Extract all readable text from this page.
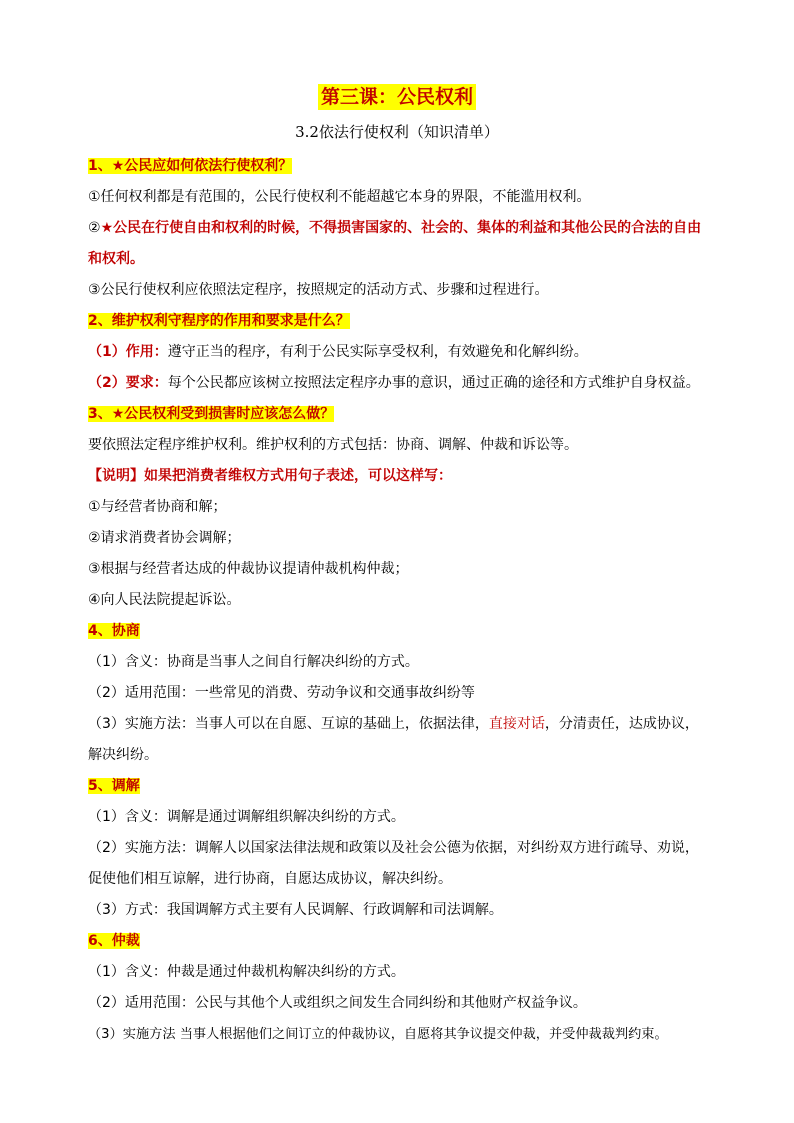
第三课：公民权利
3.2依法行使权利（知识清单）
1、★公民应如何依法行使权利？
①任何权利都是有范围的，公民行使权利不能超越它本身的界限，不能滥用权利。
②★公民在行使自由和权利的时候，不得损害国家的、社会的、集体的利益和其他公民的合法的自由和权利。
③公民行使权利应依照法定程序，按照规定的活动方式、步骤和过程进行。
2、维护权利守程序的作用和要求是什么？
（1）作用：遵守正当的程序，有利于公民实际享受权利，有效避免和化解纠纷。
（2）要求：每个公民都应该树立按照法定程序办事的意识，通过正确的途径和方式维护自身权益。
3、★公民权利受到损害时应该怎么做？
要依照法定程序维护权利。维护权利的方式包括：协商、调解、仲裁和诉讼等。
【说明】如果把消费者维权方式用句子表述，可以这样写：
①与经营者协商和解；
②请求消费者协会调解；
③根据与经营者达成的仲裁协议提请仲裁机构仲裁；
④向人民法院提起诉讼。
4、协商
（1）含义：协商是当事人之间自行解决纠纷的方式。
（2）适用范围：一些常见的消费、劳动争议和交通事故纠纷等
（3）实施方法：当事人可以在自愿、互谅的基础上，依据法律，直接对话，分清责任，达成协议，解决纠纷。
5、调解
（1）含义：调解是通过调解组织解决纠纷的方式。
（2）实施方法：调解人以国家法律法规和政策以及社会公德为依据，对纠纷双方进行疏导、劝说，促使他们相互谅解，进行协商，自愿达成协议，解决纠纷。
（3）方式：我国调解方式主要有人民调解、行政调解和司法调解。
6、仲裁
（1）含义：仲裁是通过仲裁机构解决纠纷的方式。
（2）适用范围：公民与其他个人或组织之间发生合同纠纷和其他财产权益争议。
（3）实施方法 当事人根据他们之间订立的仲裁协议，自愿将其争议提交仲裁，并受仲裁裁判约束。
